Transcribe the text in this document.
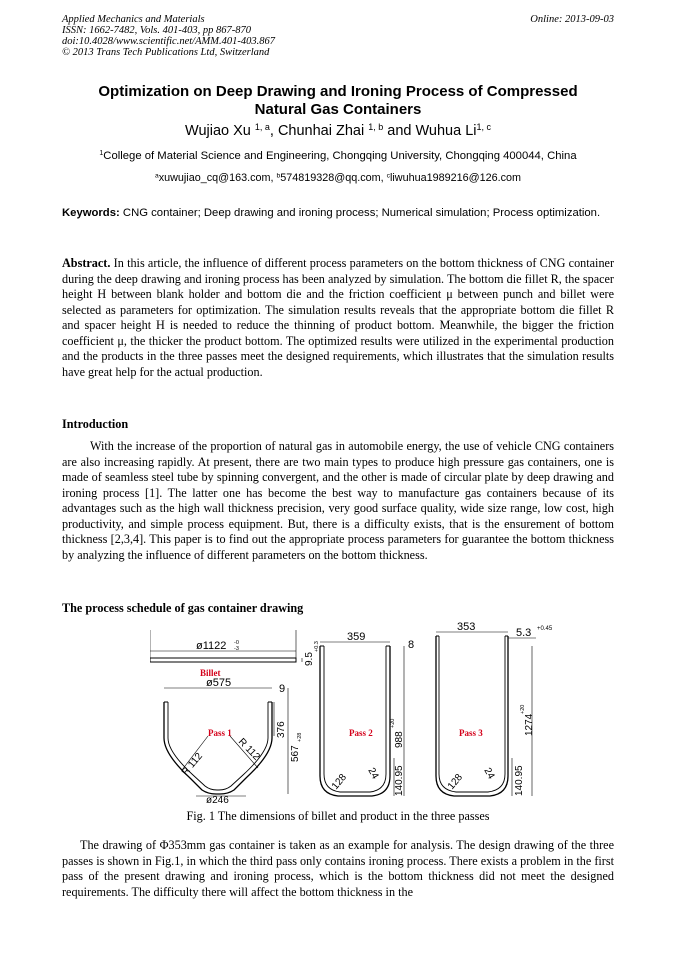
Applied Mechanics and Materials
ISSN: 1662-7482, Vols. 401-403, pp 867-870
doi:10.4028/www.scientific.net/AMM.401-403.867
© 2013 Trans Tech Publications Ltd, Switzerland
Online: 2013-09-03
Optimization on Deep Drawing and Ironing Process of Compressed
Natural Gas Containers
Wujiao Xu $^{1, a}$, Chunhai Zhai $^{1, b}$ and Wuhua Li$^{1, c}$
$^1$College of Material Science and Engineering, Chongqing University, Chongqing 400044, China
$^a$xuwujiao_cq@163.com, $^b$574819328@qq.com, $^c$liwuhua1989216@126.com
Keywords: CNG container; Deep drawing and ironing process; Numerical simulation; Process optimization.
Abstract. In this article, the influence of different process parameters on the bottom thickness of CNG container during the deep drawing and ironing process has been analyzed by simulation. The bottom die fillet R, the spacer height H between blank holder and bottom die and the friction coefficient μ between punch and billet were selected as parameters for optimization. The simulation results reveals that the appropriate bottom die fillet R and spacer height H is needed to reduce the thinning of product bottom. Meanwhile, the bigger the friction coefficient μ, the thicker the product bottom. The optimized results were utilized in the experimental production and the products in the three passes meet the designed requirements, which illustrates that the simulation results have great help for the actual production.
Introduction
With the increase of the proportion of natural gas in automobile energy, the use of vehicle CNG containers are also increasing rapidly. At present, there are two main types to produce high pressure gas containers, one is made of seamless steel tube by spinning convergent, and the other is made of circular plate by deep drawing and ironing process [1]. The latter one has become the best way to manufacture gas containers because of its advantages such as the high wall thickness precision, very good surface quality, wide size range, low cost, high productivity, and simple process equipment. But, there is a difficulty exists, that is the ensurement of bottom thickness [2,3,4]. This paper is to find out the appropriate process parameters for guarantee the bottom thickness by analyzing the influence of different parameters on the bottom thickness.
The process schedule of gas container drawing
ø1122 -0
-3
Billet
9.5
+0.3
ø575	9
Pass 1
R 112
R 112
376
567
+28
ø246
359
8
Pass 2 988
+20
128 24 140.95
353	5.3 +0.45
Pass 3	1274
+20
128 24 140.95
Fig. 1 The dimensions of billet and product in the three passes
The drawing of Φ353mm gas container is taken as an example for analysis. The design drawing of the three passes is shown in Fig.1, in which the third pass only contains ironing process. There exists a problem in the first pass of the present drawing and ironing process, which is the bottom thickness did not meet the designed requirements. The difficulty there will affect the bottom thickness in the
